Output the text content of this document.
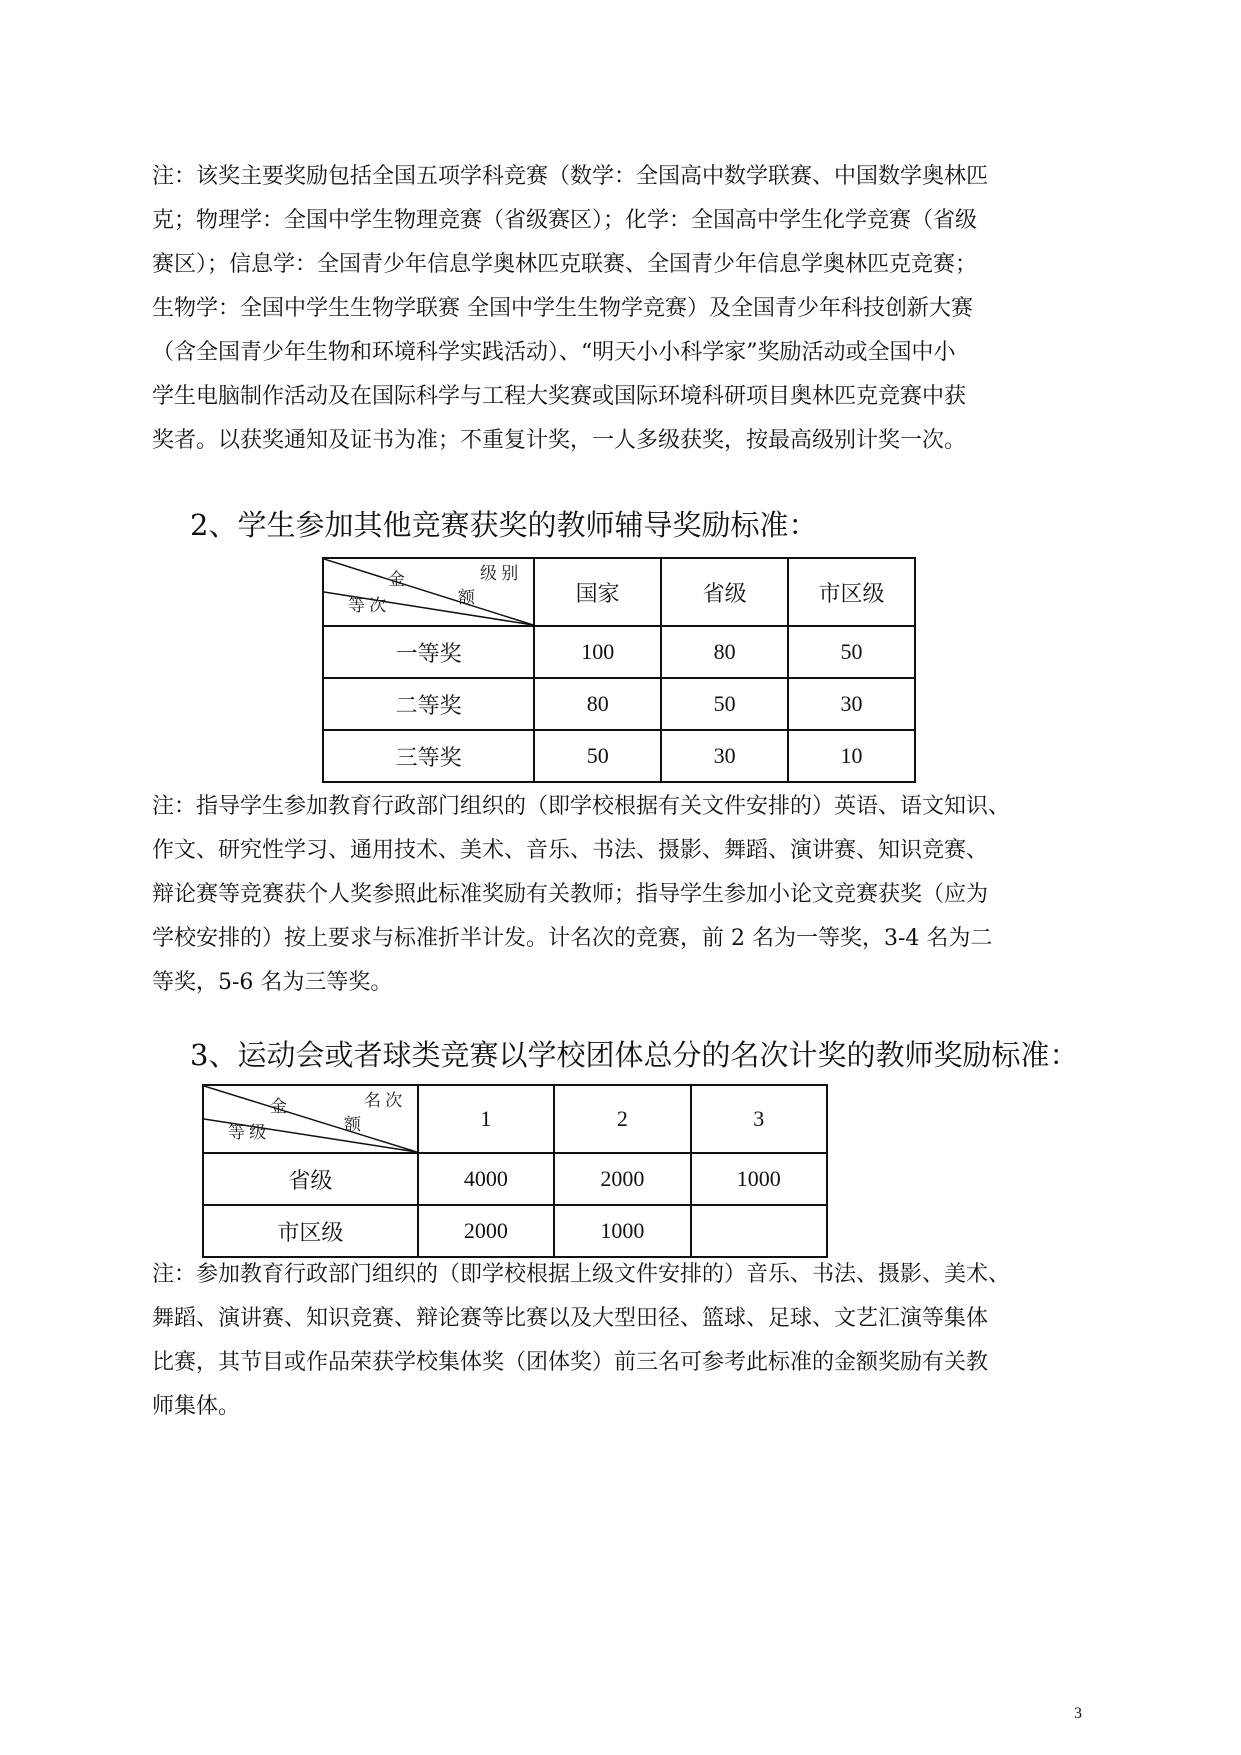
注：该奖主要奖励包括全国五项学科竞赛（数学：全国高中数学联赛、中国数学奥林匹
克；物理学：全国中学生物理竞赛（省级赛区）；化学：全国高中学生化学竞赛（省级
赛区）；信息学：全国青少年信息学奥林匹克联赛、全国青少年信息学奥林匹克竞赛；
生物学：全国中学生生物学联赛 全国中学生生物学竞赛）及全国青少年科技创新大赛
（含全国青少年生物和环境科学实践活动）、“明天小小科学家”奖励活动或全国中小
学生电脑制作活动及在国际科学与工程大奖赛或国际环境科研项目奥林匹克竞赛中获
奖者。以获奖通知及证书为准；不重复计奖，一人多级获奖，按最高级别计奖一次。
2、学生参加其他竞赛获奖的教师辅导奖励标准：
级 别
金
额
等 次	国家	省级	市区级
一等奖	100	80	50
二等奖	80	50	30
三等奖	50	30	10
注：指导学生参加教育行政部门组织的（即学校根据有关文件安排的）英语、语文知识、
作文、研究性学习、通用技术、美术、音乐、书法、摄影、舞蹈、演讲赛、知识竞赛、
辩论赛等竞赛获个人奖参照此标准奖励有关教师；指导学生参加小论文竞赛获奖（应为
学校安排的）按上要求与标准折半计发。计名次的竞赛，前 2 名为一等奖，3-4 名为二
等奖，5-6 名为三等奖。
3、运动会或者球类竞赛以学校团体总分的名次计奖的教师奖励标准：
名 次
金
额
等 级	1	2	3
省级	4000	2000	1000
市区级	2000	1000	
注：参加教育行政部门组织的（即学校根据上级文件安排的）音乐、书法、摄影、美术、
舞蹈、演讲赛、知识竞赛、辩论赛等比赛以及大型田径、篮球、足球、文艺汇演等集体
比赛，其节目或作品荣获学校集体奖（团体奖）前三名可参考此标准的金额奖励有关教
师集体。
3
